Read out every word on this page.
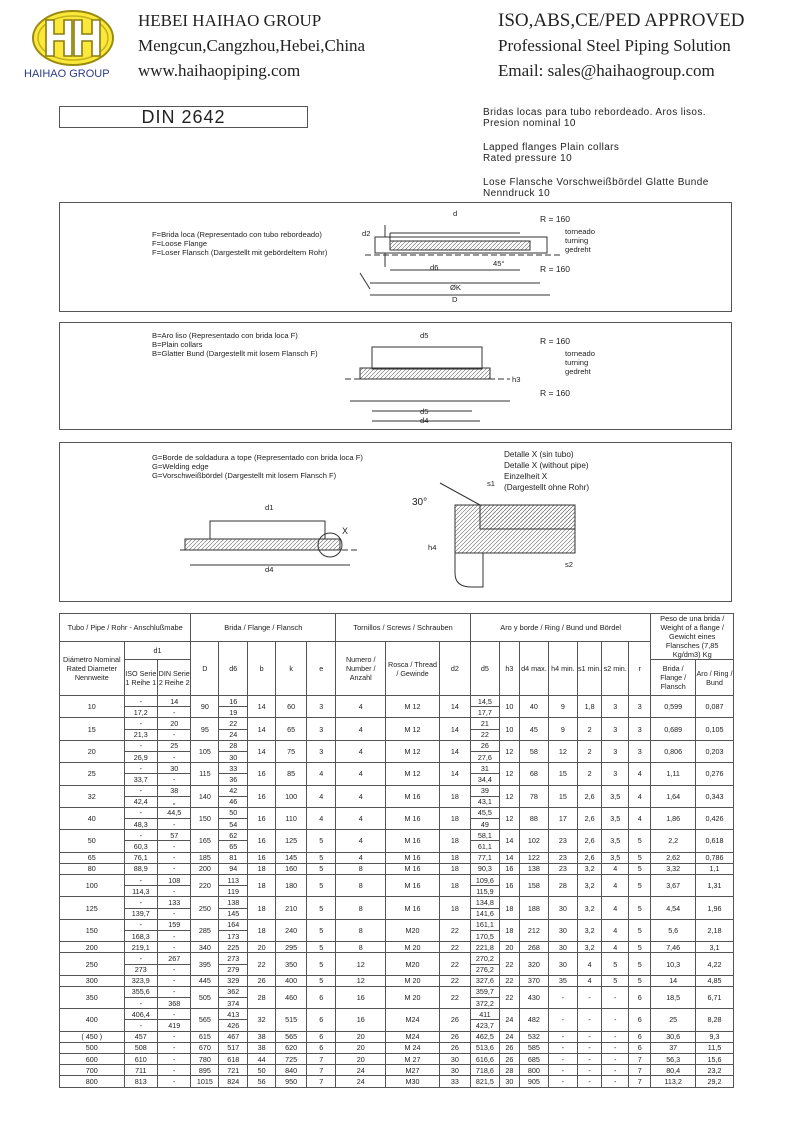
HAIHAO GROUP
HEBEI HAIHAO GROUP
Mengcun,Cangzhou,Hebei,China
www.haihaopiping.com
ISO,ABS,CE/PED APPROVED
Professional Steel Piping Solution
Email: sales@haihaogroup.com
DIN 2642	Bridas locas para tubo rebordeado. Aros lisos.
Presion nominal 10

Lapped flanges Plain collars
Rated pressure 10

Lose Flansche Vorschweißbördel Glatte Bunde
Nenndruck 10

F=Brida loca (Representado con tubo rebordeado)
F=Loose Flange
F=Loser Flansch (Dargestellt mit gebördeltem Rohr)
d6
ØK
D
d
d2
45°
R = 160
torneado
turning
gedreht
R = 160
B=Aro liso (Representado con brida loca F)
B=Plain collars
B=Glatter Bund (Dargestellt mit losem Flansch F)
d5
d5
d4
h3
R = 160
torneado
turning
gedreht
R = 160
G=Borde de soldadura a tope (Representado con brida loca F)
G=Welding edge
G=Vorschweißbördel (Dargestellt mit losem Flansch F)
d1
d4
X
30°
h4
s2
s1
Detalle X (sin tubo)
Detalle X (without pipe)
Einzelheit X
(Dargestellt ohne Rohr)
Tubo / Pipe / Rohr - Anschlußmabe			Brida / Flange / Flansch					Tornillos / Screws / Schrauben			Aro y borde / Ring / Bund und Bördel							Peso de una brida / Weight of a flange / Gewicht eines Flansches (7,85 Kg/dm3) Kg	
Diámetro Nominal Rated Diameter Nennweite	d1		D	d6	b	k	e	Numero / Number / Anzahl	Rosca / Thread / Gewinde	d2	d5	h3	d4 max.	h4 min.	s1 min.	s2 min.	r		
	ISO Serie 1 Reihe 1	DIN Serie 2 Reihe 2																Brida / Flange / Flansch	Aro / Ring / Bund
10	-	14	90	16	14	60	3	4	M 12	14	14,5	10	40	9	1,8	3	3	0,599	0,087
	17,2	-		19							17,7								
15	-	20	95	22	14	65	3	4	M 12	14	21	10	45	9	2	3	3	0,689	0,105
	21,3	-		24							22								
20	-	25	105	28	14	75	3	4	M 12	14	26	12	58	12	2	3	3	0,806	0,203
	26,9	-		30							27,6								
25	-	30	115	33	16	85	4	4	M 12	14	31	12	68	15	2	3	4	1,11	0,276
	33,7	-		36							34,4								
32	-	38	140	42	16	100	4	4	M 16	18	39	12	78	15	2,6	3,5	4	1,64	0,343
	42,4	„		46							43,1								
40	-	44,5	150	50	16	110	4	4	M 16	18	45,5	12	88	17	2,6	3,5	4	1,86	0,426
	48,3	-		54							49								
50	-	57	165	62	16	125	5	4	M 16	18	58,1	14	102	23	2,6	3,5	5	2,2	0,618
	60,3	-		65							61,1								
65	76,1	-	185	81	16	145	5	4	M 16	18	77,1	14	122	23	2,6	3,5	5	2,62	0,786
80	88,9	-	200	94	18	160	5	8	M 16	18	90,3	16	138	23	3,2	4	5	3,32	1,1
100	-	108	220	113	18	180	5	8	M 16	18	109,6	16	158	28	3,2	4	5	3,67	1,31
	114,3	-		119							115,9								
125	-	133	250	138	18	210	5	8	M 16	18	134,8	18	188	30	3,2	4	5	4,54	1,96
	139,7	-		145							141,6								
150	-	159	285	164	18	240	5	8	M20	22	161,1	18	212	30	3,2	4	5	5,6	2,18
	168,3	-		173							170,5								
200	219,1	-	340	225	20	295	5	8	M 20	22	221,8	20	268	30	3,2	4	5	7,46	3,1
250	-	267	395	273	22	350	5	12	M20	22	270,2	22	320	30	4	5	5	10,3	4,22
	273	-		279							276,2								
300	323,9	-	445	329	26	400	5	12	M 20	22	327,6	22	370	35	4	5	5	14	4,85
350	355,6	-	505	362	28	460	6	16	M 20	22	359,7	22	430	-	-	-	6	18,5	6,71
	-	368		374							372,2								
400	406,4	-	565	413	32	515	6	16	M24	26	411	24	482	-	-	-	6	25	8,28
	-	419		426							423,7								
( 450 )	457	-	615	467	38	565	6	20	M24	26	462,5	24	532	-	-	-	6	30,6	9,3
500	508	-	670	517	38	620	6	20	M 24	26	513,6	26	585	-	-	-	6	37	11,5
600	610	-	780	618	44	725	7	20	M 27	30	616,6	26	685	-	-	-	7	56,3	15,6
700	711	-	895	721	50	840	7	24	M27	30	718,6	28	800	-	-	-	7	80,4	23,2
800	813	-	1015	824	56	950	7	24	M30	33	821,5	30	905	-	-	-	7	113,2	29,2
